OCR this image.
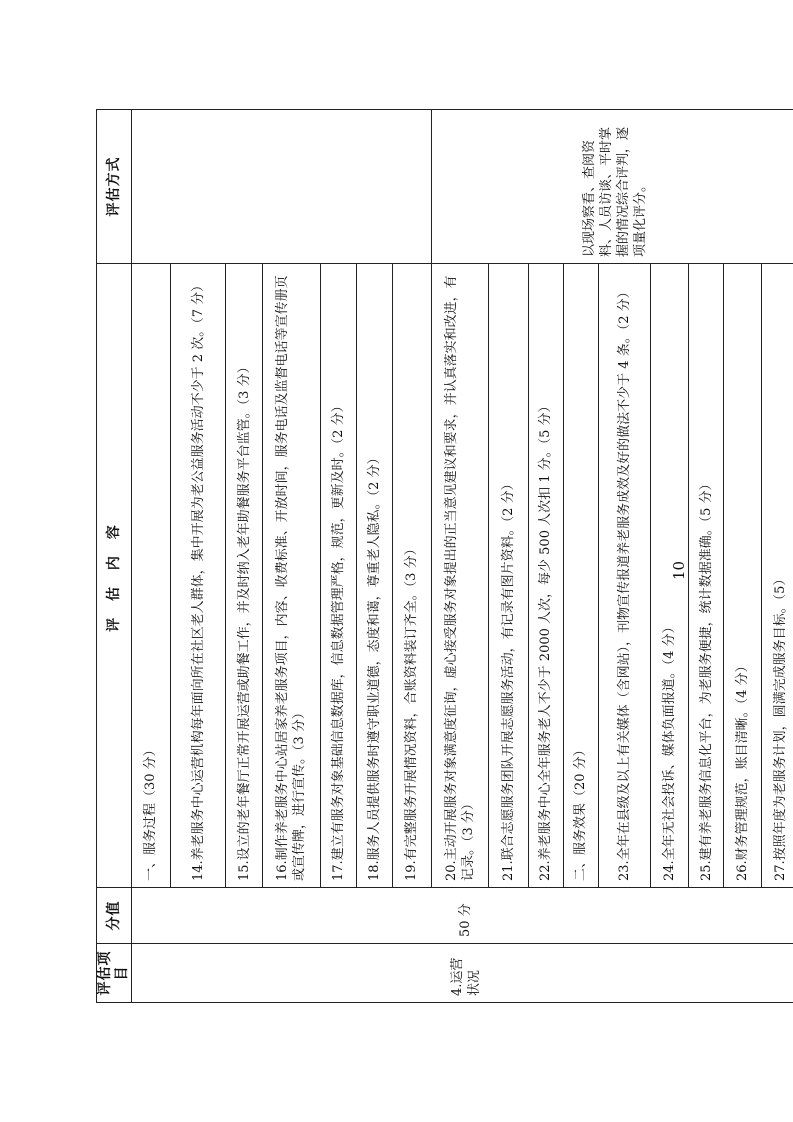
评估项目	分值	评 估 内 容	评估方式
4.运营状况	50 分	一、服务过程（30 分）	
		14.养老服务中心运营机构每年面向所在社区老人群体，集中开展为老公益服务活动不少于 2 次。（7 分）	
		15.设立的老年餐厅正常开展运营或助餐工作，并及时纳入老年助餐服务平台监管。（3 分）	
		16.制作养老服务中心站居家养老服务项目，内容、收费标准、开放时间，服务电话及监督电话等宣传册页或宣传牌，进行宣传。（3 分）	
		17.建立有服务对象基础信息数据库，信息数据管理严格，规范，更新及时。（2 分）	
		18.服务人员提供服务时遵守职业道德，态度和蔼，尊重老人隐私。（2 分）	
		19.有完整服务开展情况资料，合账资料装订齐全。（3 分）	
		20.主动开展服务对象满意度征询，虚心接受服务对象提出的正当意见建议和要求，并认真落实和改进，有记录。（3 分）	以现场察看、查阅资料、人员访谈、平时掌握的情况综合评判，逐项量化评分。
		21.联合志愿服务团队开展志愿服务活动，有记录有图片资料。（2 分）	
		22.养老服务中心全年服务老人不少于 2000 人次，每少 500 人次扣 1 分。（5 分）	
		二、服务效果（20 分）	
		23.全年在县级及以上有关媒体（含网站），刊物宣传报道养老服务成效及好的做法不少于 4 条。（2 分）	
		24.全年无社会投诉、媒体负面报道。（4 分）	
		25.建有养老服务信息化平台，为老服务便捷，统计数据准确。（5 分）	
		26.财务管理规范，账目清晰。（4 分）	
		27.按照年度为老服务计划，圆满完成服务目标。（5）	
10
